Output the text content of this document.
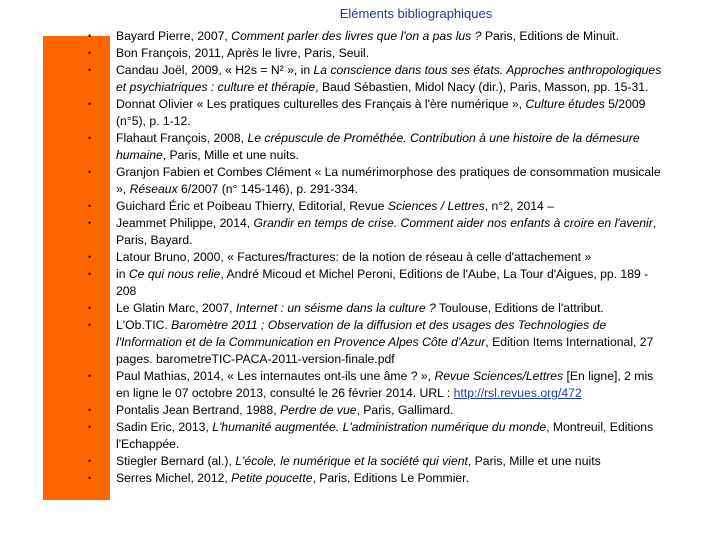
Eléments bibliographiques
• Bayard Pierre, 2007, Comment parler des livres que l'on a pas lus ? Paris, Editions de Minuit.
• Bon François, 2011, Après le livre, Paris, Seuil.
• Candau Joël, 2009, « H2s = N² », in La conscience dans tous ses états. Approches anthropologiques
et psychiatriques : culture et thérapie, Baud Sébastien, Midol Nacy (dir.), Paris, Masson, pp. 15-31.
• Donnat Olivier « Les pratiques culturelles des Français à l'ère numérique », Culture études 5/2009
(n°5), p. 1-12.
• Flahaut François, 2008, Le crépuscule de Prométhée. Contribution à une histoire de la démesure
humaine, Paris, Mille et une nuits.
• Granjon Fabien et Combes Clément « La numérimorphose des pratiques de consommation musicale
», Réseaux 6/2007 (n° 145-146), p. 291-334.
• Guichard Éric et Poibeau Thierry, Editorial, Revue Sciences / Lettres, n°2, 2014 –
• Jeammet Philippe, 2014, Grandir en temps de crise. Comment aider nos enfants à croire en l'avenir,
Paris, Bayard.
• Latour Bruno, 2000, « Factures/fractures: de la notion de réseau à celle d'attachement »
• in Ce qui nous relie, André Micoud et Michel Peroni, Editions de l'Aube, La Tour d'Aigues, pp. 189 -
208
• Le Glatin Marc, 2007, Internet : un séisme dans la culture ? Toulouse, Editions de l'attribut.
• L'Ob.TIC. Baromètre 2011 ; Observation de la diffusion et des usages des Technologies de
l'Information et de la Communication en Provence Alpes Côte d'Azur, Edition Items International, 27
pages. barometreTIC-PACA-2011-version-finale.pdf
• Paul Mathias, 2014, « Les internautes ont-ils une âme ? », Revue Sciences/Lettres [En ligne], 2 mis
en ligne le 07 octobre 2013, consulté le 26 février 2014. URL : http://rsl.revues.org/472
• Pontalis Jean Bertrand, 1988, Perdre de vue, Paris, Gallimard.
• Sadin Eric, 2013, L'humanité augmentée. L'administration numérique du monde, Montreuil, Editions
l'Echappée.
• Stiegler Bernard (al.), L'école, le numérique et la société qui vient, Paris, Mille et une nuits
• Serres Michel, 2012, Petite poucette, Paris, Editions Le Pommier.
